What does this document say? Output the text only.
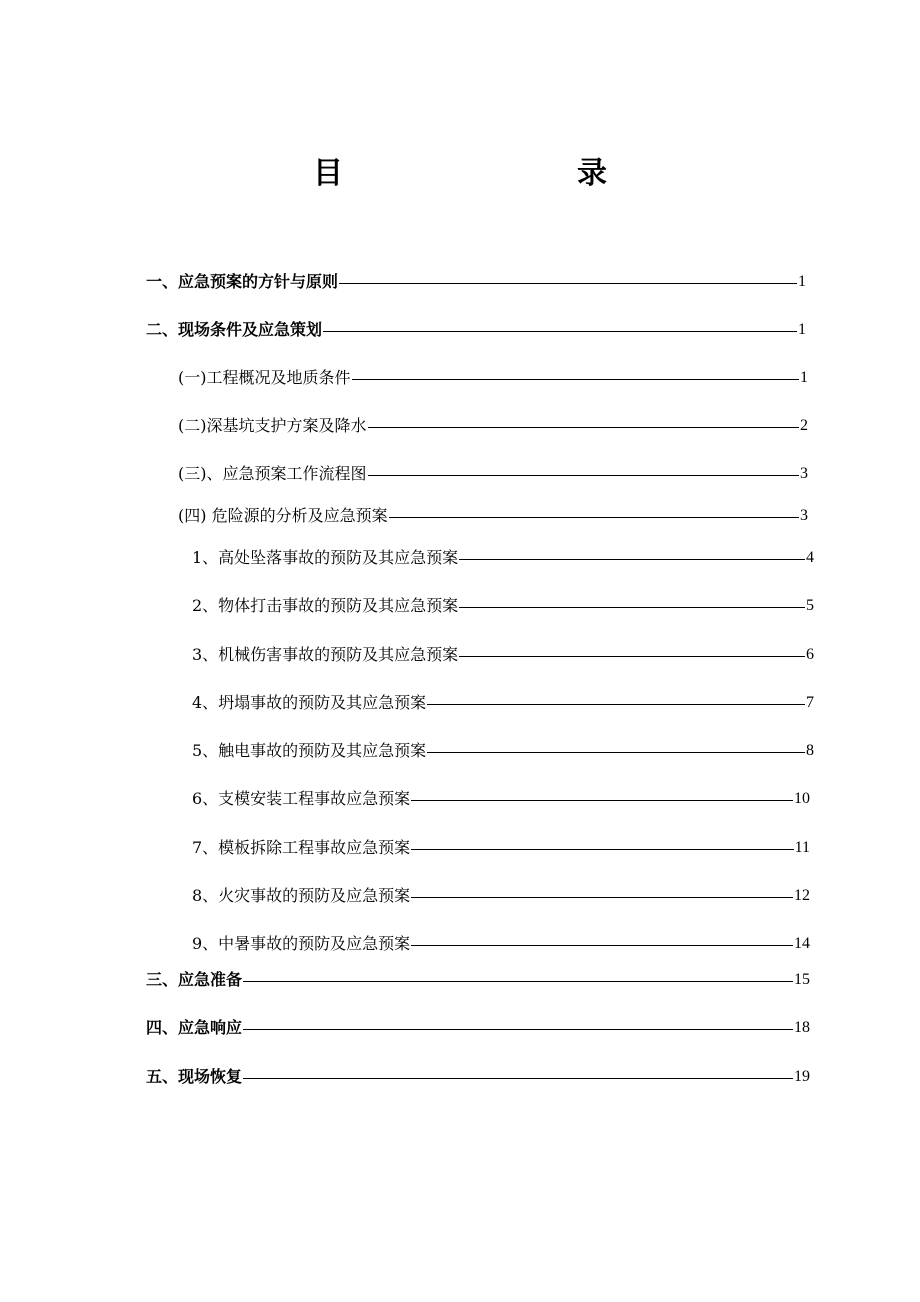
目　　录
一、应急预案的方针与原则	1
二、现场条件及应急策划	1
(一)工程概况及地质条件	1
(二)深基坑支护方案及降水	2
(三)、应急预案工作流程图	3
(四) 危险源的分析及应急预案	3
1、高处坠落事故的预防及其应急预案	4
2、物体打击事故的预防及其应急预案	5
3、机械伤害事故的预防及其应急预案	6
4、坍塌事故的预防及其应急预案	7
5、触电事故的预防及其应急预案	8
6、支模安装工程事故应急预案	10
7、模板拆除工程事故应急预案	11
8、火灾事故的预防及应急预案	12
9、中暑事故的预防及应急预案	14
三、应急准备	15
四、应急响应	18
五、现场恢复	19
